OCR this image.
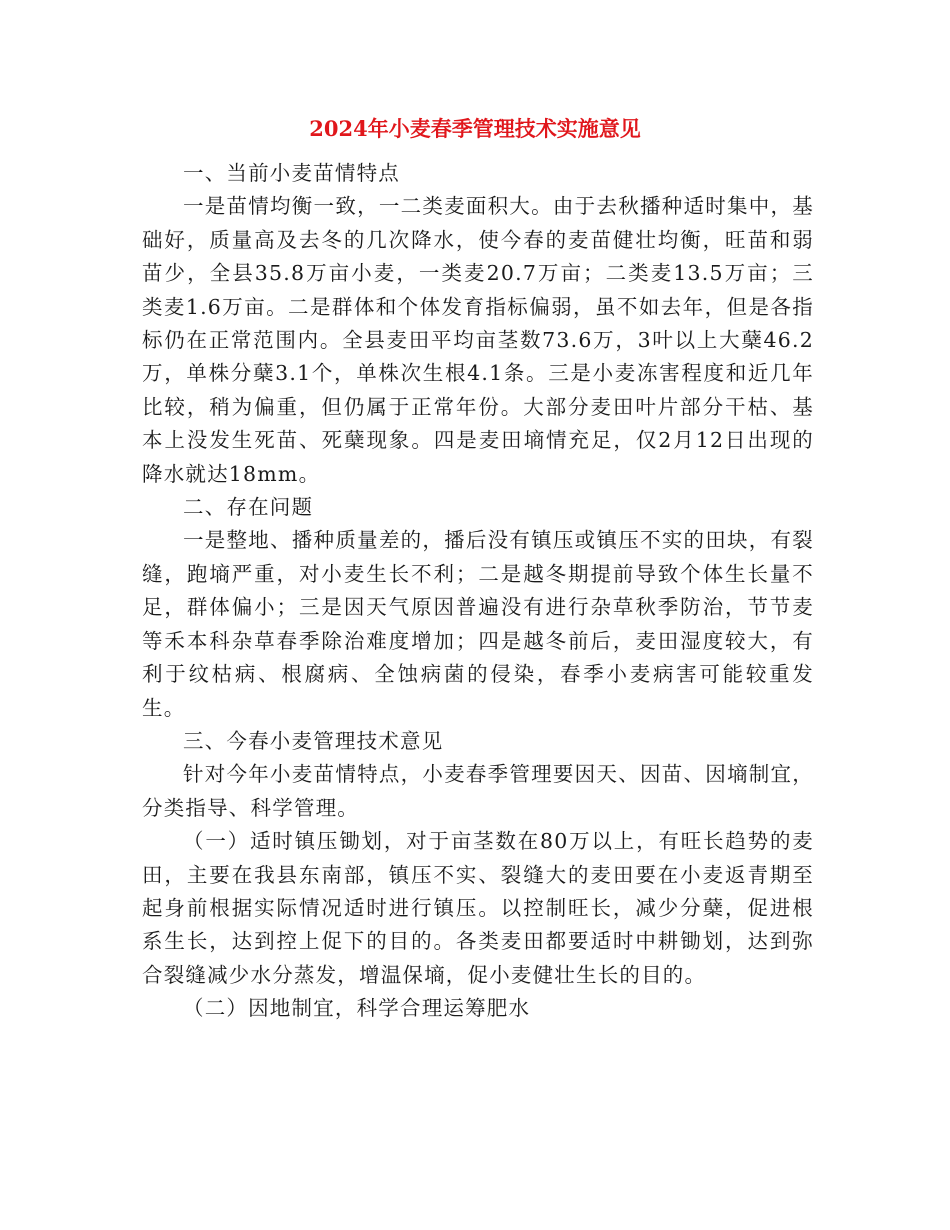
2024年小麦春季管理技术实施意见

一、当前小麦苗情特点

一是苗情均衡一致，一二类麦面积大。由于去秋播种适时集中，基础好，质量高及去冬的几次降水，使今春的麦苗健壮均衡，旺苗和弱苗少，全县35.8万亩小麦，一类麦20.7万亩；二类麦13.5万亩；三类麦1.6万亩。二是群体和个体发育指标偏弱，虽不如去年，但是各指标仍在正常范围内。全县麦田平均亩茎数73.6万，3叶以上大蘖46.2万，单株分蘖3.1个，单株次生根4.1条。三是小麦冻害程度和近几年比较，稍为偏重，但仍属于正常年份。大部分麦田叶片部分干枯、基本上没发生死苗、死蘖现象。四是麦田墒情充足，仅2月12日出现的降水就达18mm。

二、存在问题

一是整地、播种质量差的，播后没有镇压或镇压不实的田块，有裂缝，跑墒严重，对小麦生长不利；二是越冬期提前导致个体生长量不足，群体偏小；三是因天气原因普遍没有进行杂草秋季防治，节节麦等禾本科杂草春季除治难度增加；四是越冬前后，麦田湿度较大，有利于纹枯病、根腐病、全蚀病菌的侵染，春季小麦病害可能较重发生。

三、今春小麦管理技术意见

针对今年小麦苗情特点，小麦春季管理要因天、因苗、因墒制宜，分类指导、科学管理。

（一）适时镇压锄划，对于亩茎数在80万以上，有旺长趋势的麦田，主要在我县东南部，镇压不实、裂缝大的麦田要在小麦返青期至起身前根据实际情况适时进行镇压。以控制旺长，减少分蘖，促进根系生长，达到控上促下的目的。各类麦田都要适时中耕锄划，达到弥合裂缝减少水分蒸发，增温保墒，促小麦健壮生长的目的。

（二）因地制宜，科学合理运筹肥水
